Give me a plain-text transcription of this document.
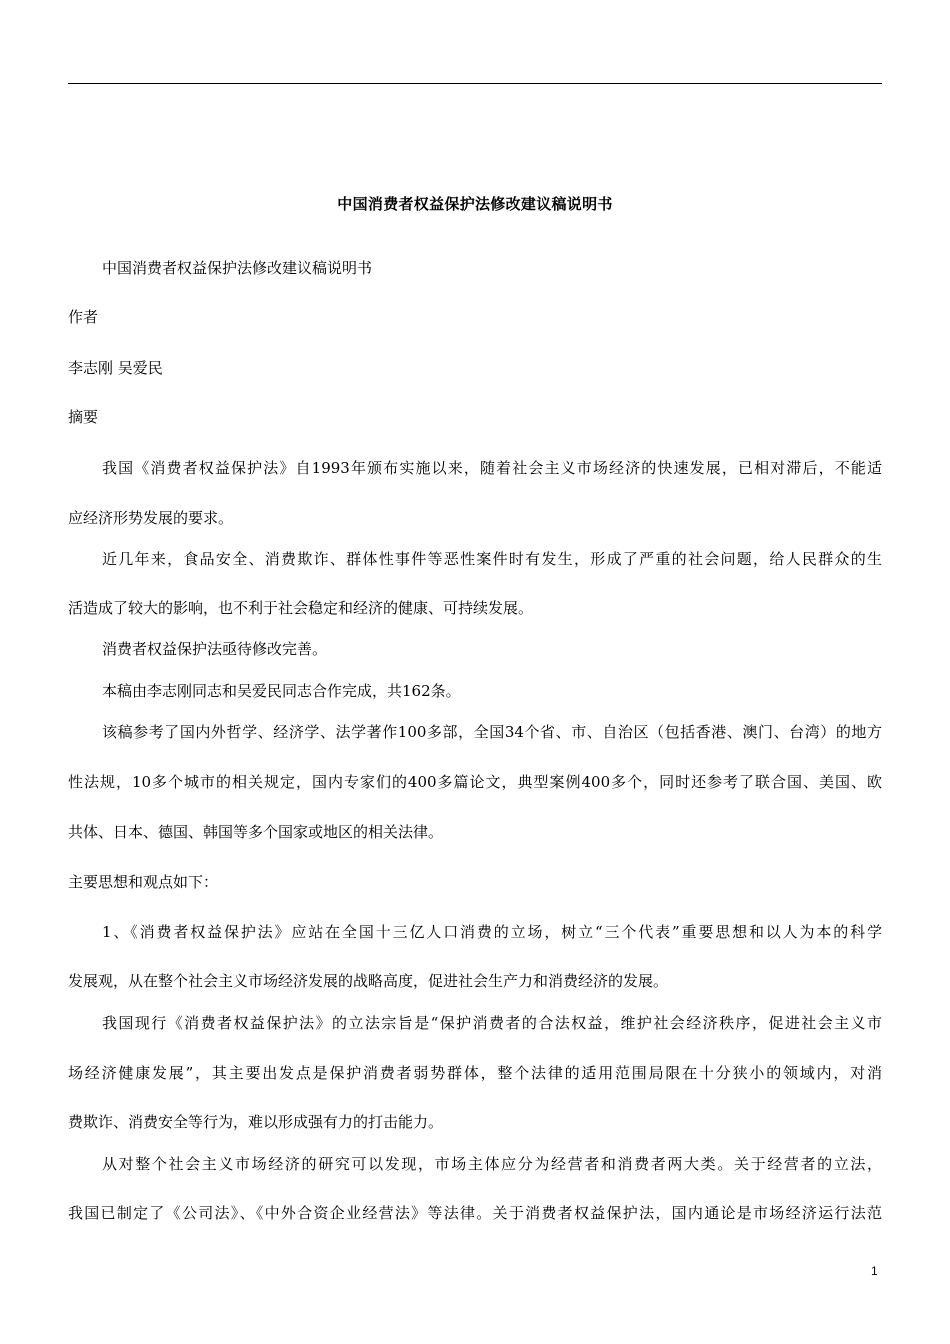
中国消费者权益保护法修改建议稿说明书
中国消费者权益保护法修改建议稿说明书
作者
李志刚 吴爱民
摘要
我国《消费者权益保护法》自1993年颁布实施以来，随着社会主义市场经济的快速发展，已相对滞后，不能适
应经济形势发展的要求。
近几年来，食品安全、消费欺诈、群体性事件等恶性案件时有发生，形成了严重的社会问题，给人民群众的生
活造成了较大的影响，也不利于社会稳定和经济的健康、可持续发展。
消费者权益保护法亟待修改完善。
本稿由李志刚同志和吴爱民同志合作完成，共162条。
该稿参考了国内外哲学、经济学、法学著作100多部，全国34个省、市、自治区（包括香港、澳门、台湾）的地方
性法规，10多个城市的相关规定，国内专家们的400多篇论文，典型案例400多个，同时还参考了联合国、美国、欧
共体、日本、德国、韩国等多个国家或地区的相关法律。
主要思想和观点如下：
1、《消费者权益保护法》应站在全国十三亿人口消费的立场，树立“三个代表”重要思想和以人为本的科学
发展观，从在整个社会主义市场经济发展的战略高度，促进社会生产力和消费经济的发展。
我国现行《消费者权益保护法》的立法宗旨是“保护消费者的合法权益，维护社会经济秩序，促进社会主义市
场经济健康发展”，其主要出发点是保护消费者弱势群体，整个法律的适用范围局限在十分狭小的领域内，对消
费欺诈、消费安全等行为，难以形成强有力的打击能力。
从对整个社会主义市场经济的研究可以发现，市场主体应分为经营者和消费者两大类。关于经营者的立法，
我国已制定了《公司法》、《中外合资企业经营法》等法律。关于消费者权益保护法，国内通论是市场经济运行法范
1
